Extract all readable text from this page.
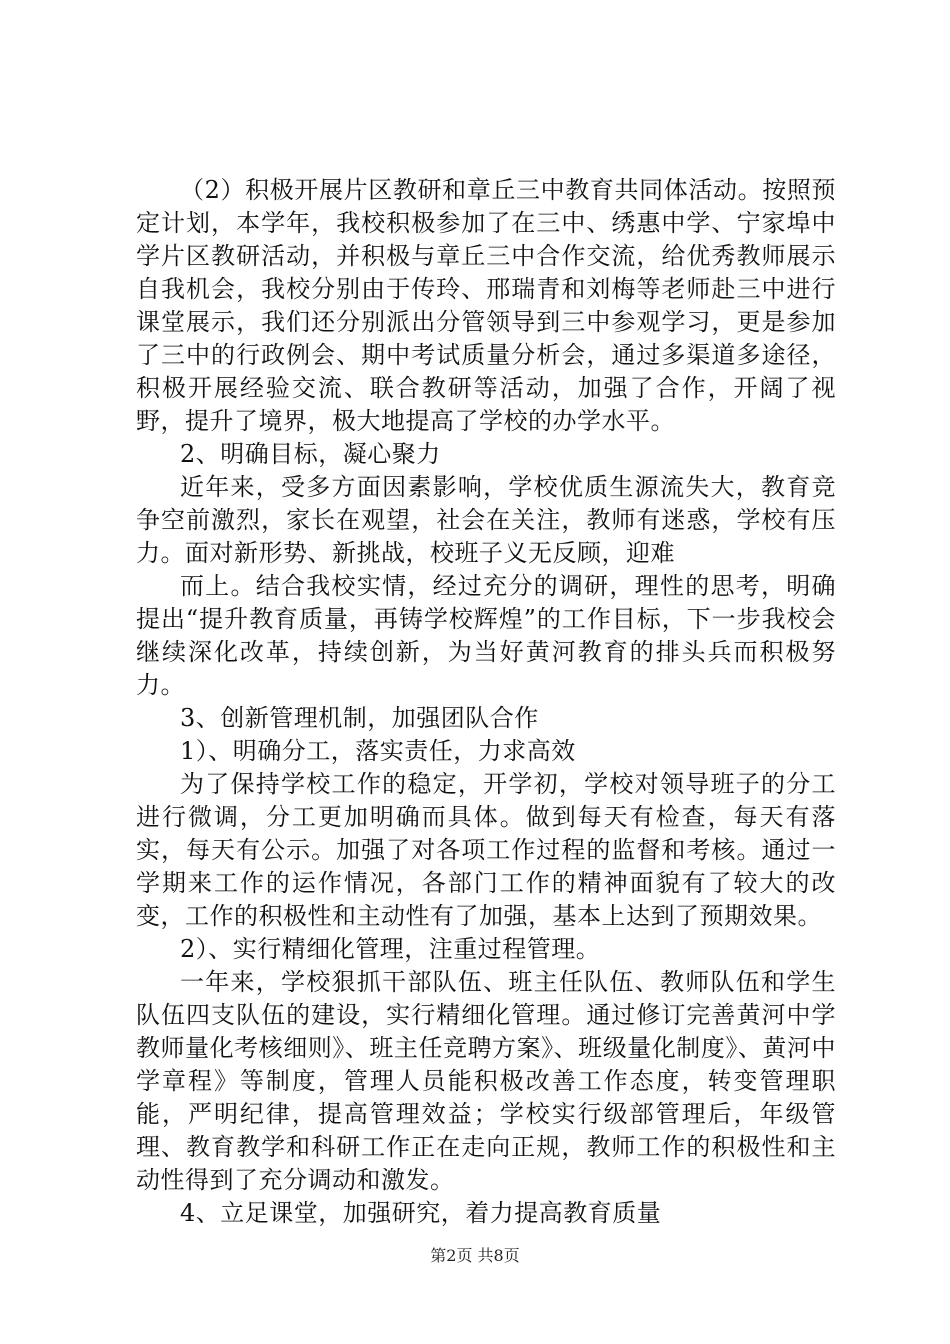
（2）积极开展片区教研和章丘三中教育共同体活动。按照预定计划，本学年，我校积极参加了在三中、绣惠中学、宁家埠中学片区教研活动，并积极与章丘三中合作交流，给优秀教师展示自我机会，我校分别由于传玲、邢瑞青和刘梅等老师赴三中进行课堂展示，我们还分别派出分管领导到三中参观学习，更是参加了三中的行政例会、期中考试质量分析会，通过多渠道多途径，积极开展经验交流、联合教研等活动，加强了合作，开阔了视野，提升了境界，极大地提高了学校的办学水平。

2、明确目标，凝心聚力

近年来，受多方面因素影响，学校优质生源流失大，教育竞争空前激烈，家长在观望，社会在关注，教师有迷惑，学校有压力。面对新形势、新挑战，校班子义无反顾，迎难

而上。结合我校实情，经过充分的调研，理性的思考，明确提出“提升教育质量，再铸学校辉煌”的工作目标，下一步我校会继续深化改革，持续创新，为当好黄河教育的排头兵而积极努力。

3、创新管理机制，加强团队合作

1）、明确分工，落实责任，力求高效

为了保持学校工作的稳定，开学初，学校对领导班子的分工进行微调，分工更加明确而具体。做到每天有检查，每天有落实，每天有公示。加强了对各项工作过程的监督和考核。通过一学期来工作的运作情况，各部门工作的精神面貌有了较大的改变，工作的积极性和主动性有了加强，基本上达到了预期效果。

2）、实行精细化管理，注重过程管理。

一年来，学校狠抓干部队伍、班主任队伍、教师队伍和学生队伍四支队伍的建设，实行精细化管理。通过修订完善黄河中学教师量化考核细则》、班主任竞聘方案》、班级量化制度》、黄河中学章程》等制度，管理人员能积极改善工作态度，转变管理职能，严明纪律，提高管理效益；学校实行级部管理后，年级管理、教育教学和科研工作正在走向正规，教师工作的积极性和主动性得到了充分调动和激发。

4、立足课堂，加强研究，着力提高教育质量

第2页 共8页
